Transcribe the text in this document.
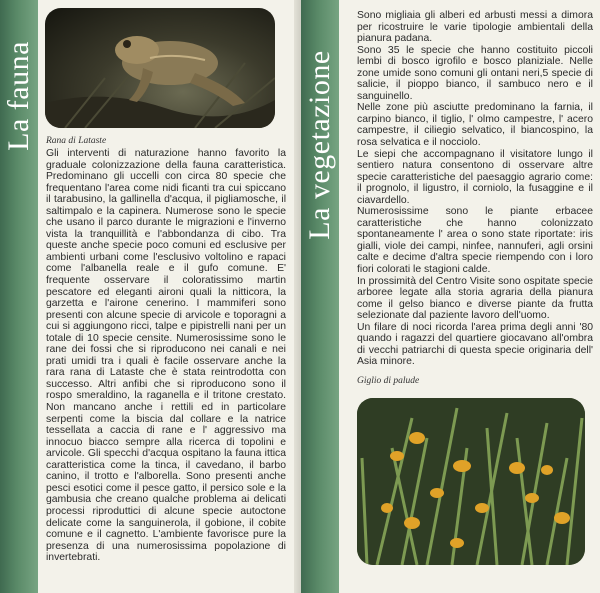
La fauna Rana di Lataste

Gli interventi di naturazione hanno favorito la graduale colonizzazione della fauna caratteristica. Predominano gli uccelli con circa 80 specie che frequentano l'area come nidi ficanti tra cui spiccano il tarabusino, la gallinella d'acqua, il pigliamosche, il saltimpalo e la capinera. Numerose sono le specie che usano il parco durante le migrazioni e l'inverno vista la tranquillità e l'abbondanza di cibo. Tra queste anche specie poco comuni ed esclusive per ambienti urbani come l'esclusivo voltolino e rapaci come l'albanella reale e il gufo comune. E' frequente osservare il coloratissimo martin pescatore ed eleganti aironi quali la nitticora, la garzetta e l'airone cenerino. I mammiferi sono presenti con alcune specie di arvicole e toporagni a cui si aggiungono ricci, talpe e pipistrelli nani per un totale di 10 specie censite. Numerosissime sono le rane dei fossi che si riproducono nei canali e nei prati umidi tra i quali è facile osservare anche la rara rana di Lataste che è stata reintrodotta con successo. Altri anfibi che si riproducono sono il rospo smeraldino, la raganella e il tritone crestato. Non mancano anche i rettili ed in particolare serpenti come la biscia dal collare e la natrice tessellata a caccia di rane e l' aggressivo ma innocuo biacco sempre alla ricerca di topolini e arvicole. Gli specchi d'acqua ospitano la fauna ittica caratteristica come la tinca, il cavedano, il barbo canino, il trotto e l'alborella. Sono presenti anche pesci esotici come il pesce gatto, il persico sole e la gambusia che creano qualche problema ai delicati processi riproduttici di alcune specie autoctone delicate come la sanguinerola, il gobione, il cobite comune e il cagnetto. L'ambiente favorisce pure la presenza di una numerosissima popolazione di invertebrati.

La vegetazione

Sono migliaia gli alberi ed arbusti messi a dimora per ricostruire le varie tipologie ambientali della pianura padana.

Sono 35 le specie che hanno costituito piccoli lembi di bosco igrofilo e bosco planiziale. Nelle zone umide sono comuni gli ontani neri,5 specie di salicie, il pioppo bianco, il sambuco nero e il sanguinello.

Nelle zone più asciutte predominano la farnia, il carpino bianco, il tiglio, l' olmo campestre, l' acero campestre, il ciliegio selvatico, il biancospino, la rosa selvatica e il nocciolo.

Le siepi che accompagnano il visitatore lungo il sentiero natura consentono di osservare altre specie caratteristiche del paesaggio agrario come: il prognolo, il ligustro, il corniolo, la fusaggine e il ciavardello.

Numerosissime sono le piante erbacee caratteristiche che hanno colonizzato spontaneamente l' area o sono state riportate: iris gialli, viole dei campi, ninfee, nannuferi, agli orsini calte e decime d'altra specie riempendo con i loro fiori colorati le stagioni calde.

In prossimità del Centro Visite sono ospitate specie arboree legate alla storia agraria della pianura come il gelso bianco e diverse piante da frutta selezionate dal paziente lavoro dell'uomo.

Un filare di noci ricorda l'area prima degli anni '80 quando i ragazzi del quartiere giocavano all'ombra di vecchi patriarchi di questa specie originaria dell' Asia minore.

Giglio di palude
